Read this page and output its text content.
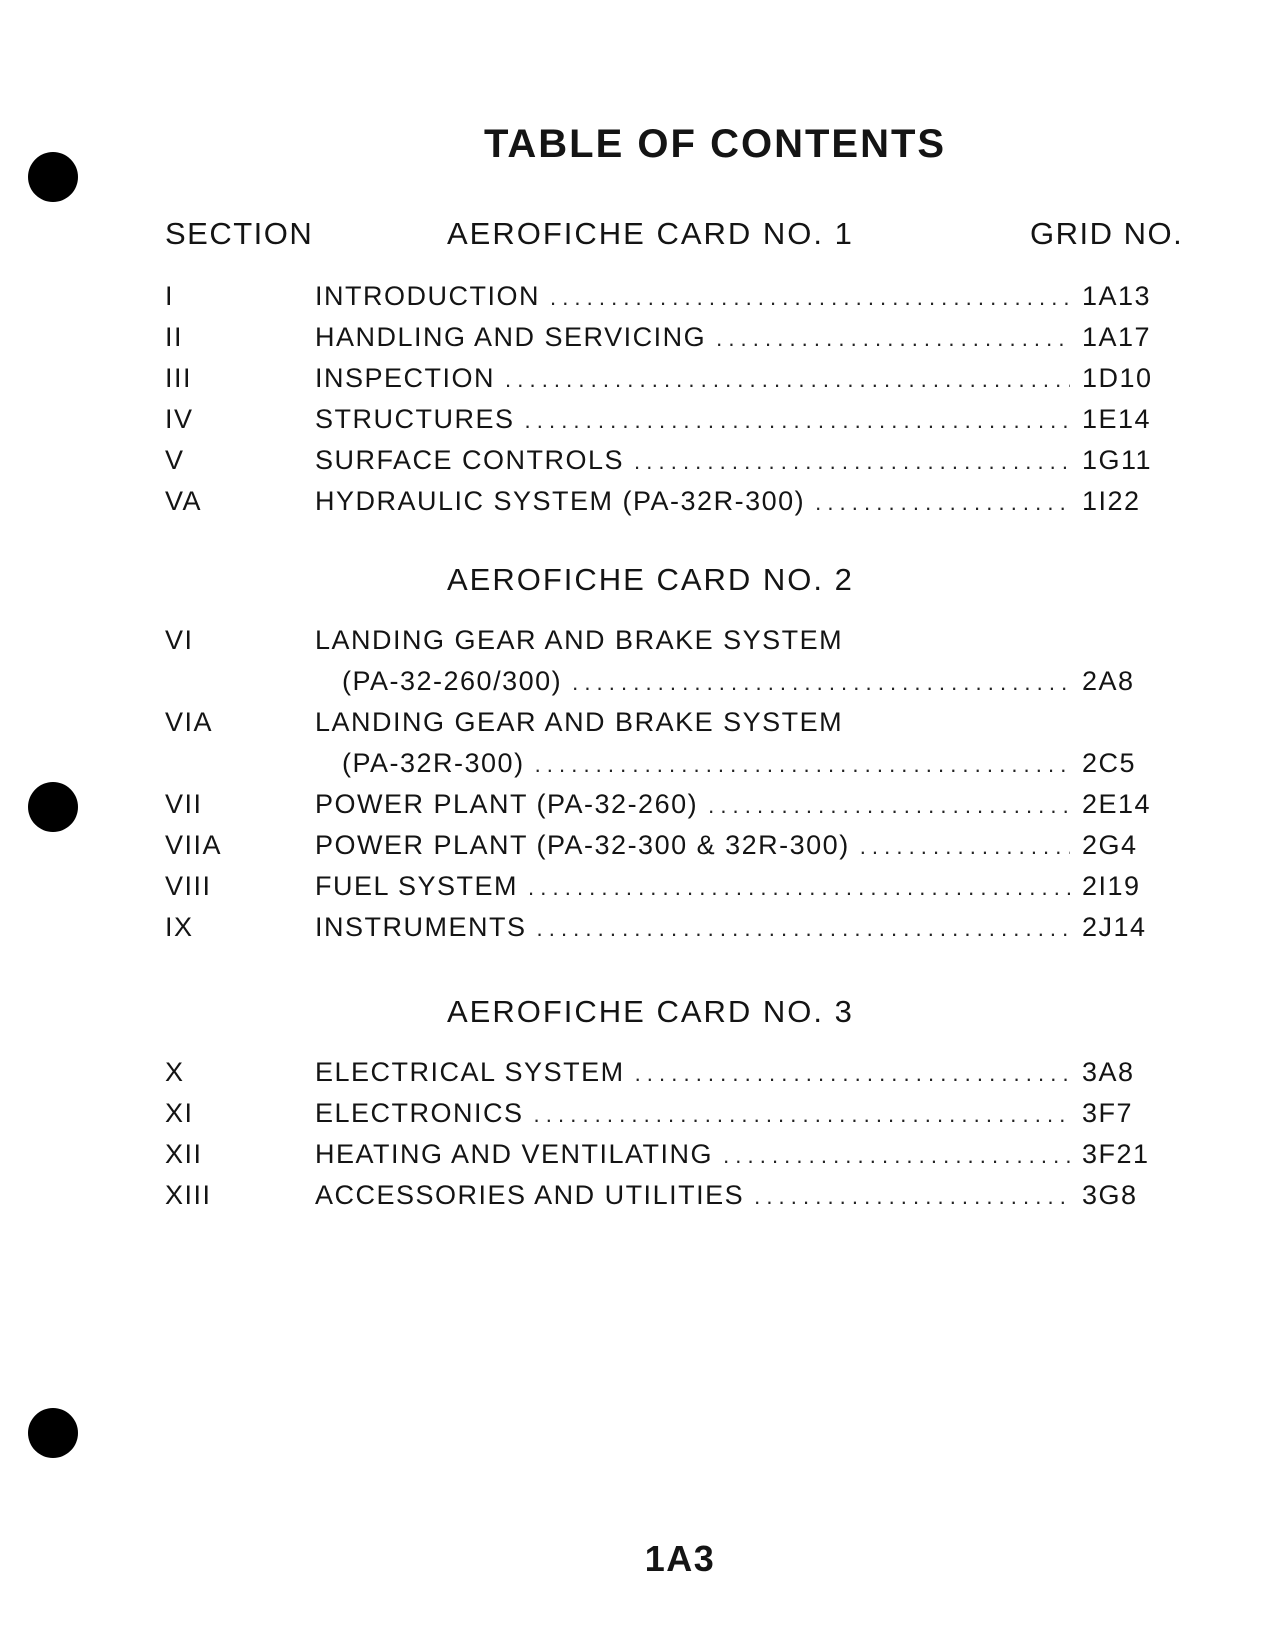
TABLE OF CONTENTS
SECTION	GRID NO.
AEROFICHE CARD NO. 1
I	INTRODUCTION . . .	1A13
II	HANDLING AND SERVICING . . .	1A17
III	INSPECTION . . .	1D10
IV	STRUCTURES . . .	1E14
V	SURFACE CONTROLS . . .	1G11
VA	HYDRAULIC SYSTEM (PA-32R-300) . . .	1I22
AEROFICHE CARD NO. 2
VI	LANDING GEAR AND BRAKE SYSTEM
(PA-32-260/300) . . .	2A8
VIA	LANDING GEAR AND BRAKE SYSTEM
(PA-32R-300) . . .	2C5
VII	POWER PLANT (PA-32-260) . . .	2E14
VIIA	POWER PLANT (PA-32-300 & 32R-300) . . .	2G4
VIII	FUEL SYSTEM . . .	2I19
IX	INSTRUMENTS . . .	2J14
AEROFICHE CARD NO. 3
X	ELECTRICAL SYSTEM . . .	3A8
XI	ELECTRONICS . . .	3F7
XII	HEATING AND VENTILATING . . .	3F21
XIII	ACCESSORIES AND UTILITIES . . .	3G8
1A3
